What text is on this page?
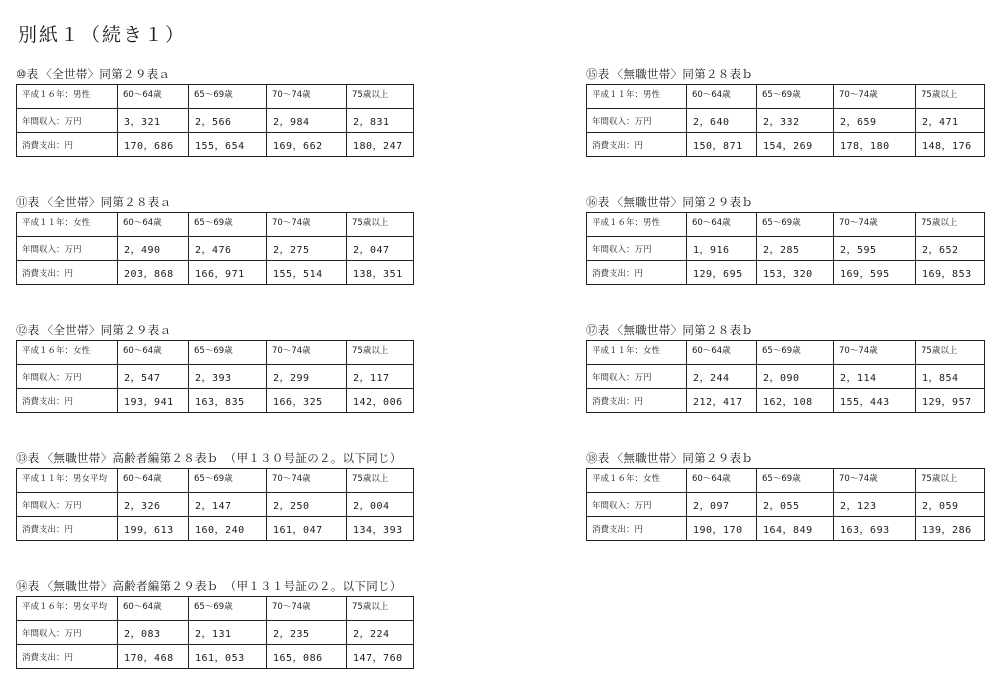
別紙１（続き１）
⑩表 〈全世帯〉同第２９表ａ
平成１６年：男性	60～64歳	65～69歳	70～74歳	75歳以上
年間収入：万円	3，321	2，566	2，984	2，831
消費支出：円	170，686	155，654	169，662	180，247
⑪表 〈全世帯〉同第２８表ａ
平成１１年：女性	60～64歳	65～69歳	70～74歳	75歳以上
年間収入：万円	2，490	2，476	2，275	2，047
消費支出：円	203，868	166，971	155，514	138，351
⑫表 〈全世帯〉同第２９表ａ
平成１６年：女性	60～64歳	65～69歳	70～74歳	75歳以上
年間収入：万円	2，547	2，393	2，299	2，117
消費支出：円	193，941	163，835	166，325	142，006
⑬表 〈無職世帯〉高齢者編第２８表ｂ　（甲１３０号証の２。以下同じ）
平成１１年：男女平均	60～64歳	65～69歳	70～74歳	75歳以上
年間収入：万円	2，326	2，147	2，250	2，004
消費支出：円	199，613	160，240	161，047	134，393
⑭表 〈無職世帯〉高齢者編第２９表ｂ　（甲１３１号証の２。以下同じ）
平成１６年：男女平均	60～64歳	65～69歳	70～74歳	75歳以上
年間収入：万円	2，083	2，131	2，235	2，224
消費支出：円	170，468	161，053	165，086	147，760
⑮表 〈無職世帯〉同第２８表ｂ
平成１１年：男性	60～64歳	65～69歳	70～74歳	75歳以上
年間収入：万円	2，640	2，332	2，659	2，471
消費支出：円	150，871	154，269	178，180	148，176
⑯表 〈無職世帯〉同第２９表ｂ
平成１６年：男性	60～64歳	65～69歳	70～74歳	75歳以上
年間収入：万円	1，916	2，285	2，595	2，652
消費支出：円	129，695	153，320	169，595	169，853
⑰表 〈無職世帯〉同第２８表ｂ
平成１１年：女性	60～64歳	65～69歳	70～74歳	75歳以上
年間収入：万円	2，244	2，090	2，114	1，854
消費支出：円	212，417	162，108	155，443	129，957
⑱表 〈無職世帯〉同第２９表ｂ
平成１６年：女性	60～64歳	65～69歳	70～74歳	75歳以上
年間収入：万円	2，097	2，055	2，123	2，059
消費支出：円	190，170	164，849	163，693	139，286
